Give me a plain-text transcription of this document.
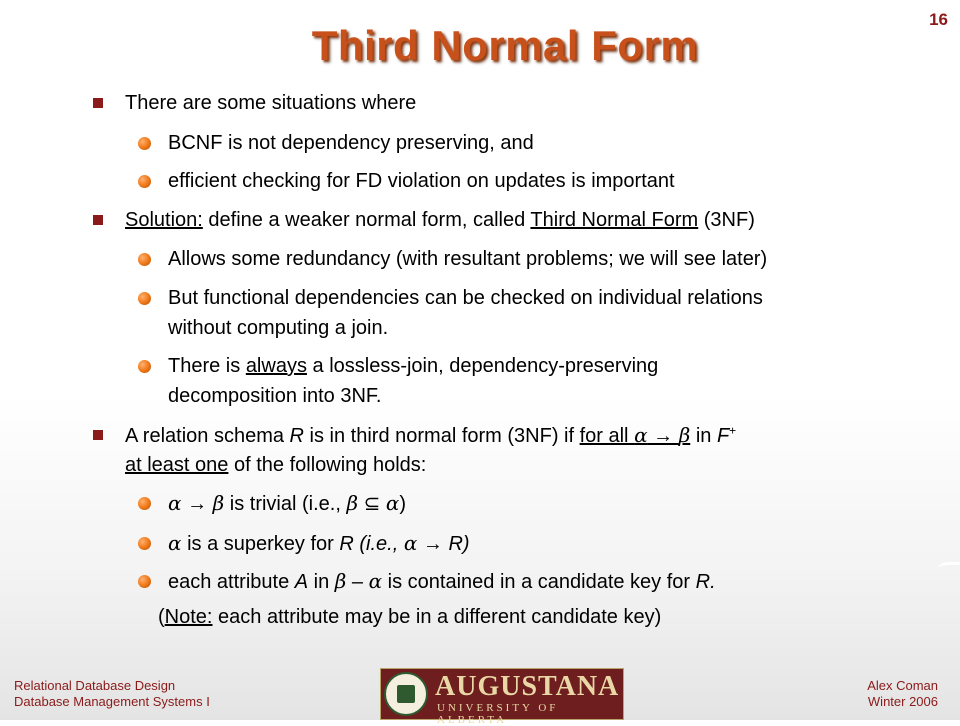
16
Third Normal Form
There are some situations where
BCNF is not dependency preserving, and
efficient checking for FD violation on updates is important
Solution: define a weaker normal form, called Third Normal Form (3NF)
Allows some redundancy (with resultant problems; we will see later)
But functional dependencies can be checked on individual relations
without computing a join.
There is always a lossless-join, dependency-preserving
decomposition into 3NF.
A relation schema R is in third normal form (3NF) if for all α → β in F+
at least one of the following holds:
α → β is trivial (i.e., β ⊆ α)
α is a superkey for R (i.e., α → R)
each attribute A in β – α is contained in a candidate key for R.
(Note: each attribute may be in a different candidate key)
Relational Database Design
Database Management Systems I	AUGUSTANA
UNIVERSITY OF ALBERTA
Alex Coman
Winter 2006
